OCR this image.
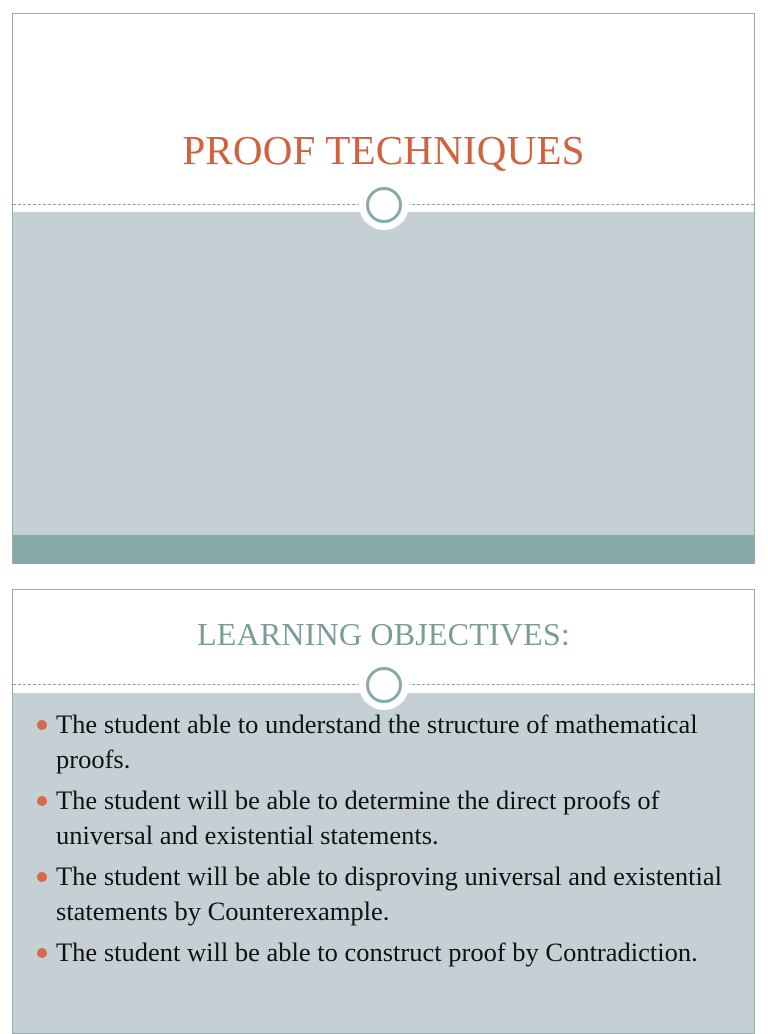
PROOF TECHNIQUES
LEARNING OBJECTIVES:
The student able to understand the structure of mathematical proofs.
The student will be able to determine the direct proofs of universal and existential statements.
The student will be able to disproving universal and existential statements by Counterexample.
The student will be able to construct proof by Contradiction.
